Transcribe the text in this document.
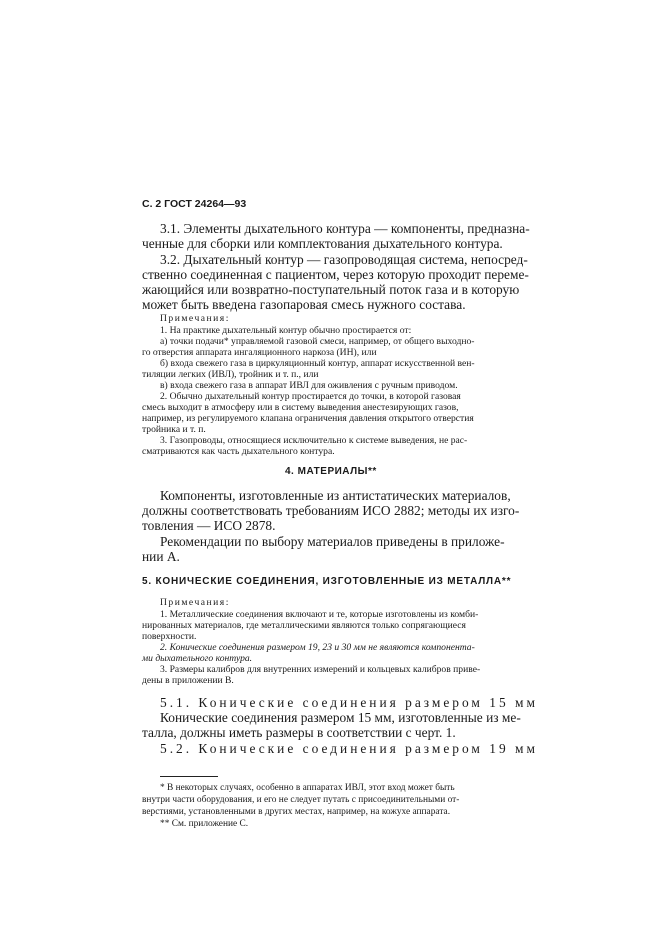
С. 2 ГОСТ 24264—93
3.1. Элементы дыхательного контура — компоненты, предназна-
ченные для сборки или комплектования дыхательного контура.
3.2. Дыхательный контур — газопроводящая система, непосред-
ственно соединенная с пациентом, через которую проходит переме-
жающийся или возвратно-поступательный поток газа и в которую
может быть введена газопаровая смесь нужного состава.
Примечания:
1. На практике дыхательный контур обычно простирается от:
а) точки подачи* управляемой газовой смеси, например, от общего выходно-
го отверстия аппарата ингаляционного наркоза (ИН), или
б) входа свежего газа в циркуляционный контур, аппарат искусственной вен-
тиляции легких (ИВЛ), тройник и т. п., или
в) входа свежего газа в аппарат ИВЛ для оживления с ручным приводом.
2. Обычно дыхательный контур простирается до точки, в которой газовая
смесь выходит в атмосферу или в систему выведения анестезирующих газов,
например, из регулируемого клапана ограничения давления открытого отверстия
тройника и т. п.
3. Газопроводы, относящиеся исключительно к системе выведения, не рас-
сматриваются как часть дыхательного контура.
4. МАТЕРИАЛЫ**
Компоненты, изготовленные из антистатических материалов,
должны соответствовать требованиям ИСО 2882; методы их изго-
товления — ИСО 2878.
Рекомендации по выбору материалов приведены в приложе-
нии А.
5. КОНИЧЕСКИЕ СОЕДИНЕНИЯ, ИЗГОТОВЛЕННЫЕ ИЗ МЕТАЛЛА**
Примечания:
1. Металлические соединения включают и те, которые изготовлены из комби-
нированных материалов, где металлическими являются только сопрягающиеся
поверхности.
2. Конические соединения размером 19, 23 и 30 мм не являются компонента-
ми дыхательного контура.
3. Размеры калибров для внутренних измерений и кольцевых калибров приве-
дены в приложении В.
5.1. Конические соединения размером 15 мм
Конические соединения размером 15 мм, изготовленные из ме-
талла, должны иметь размеры в соответствии с черт. 1.
5.2. Конические соединения размером 19 мм
* В некоторых случаях, особенно в аппаратах ИВЛ, этот вход может быть
внутри части оборудования, и его не следует путать с присоединительными от-
верстиями, установленными в других местах, например, на кожухе аппарата.
** См. приложение С.
